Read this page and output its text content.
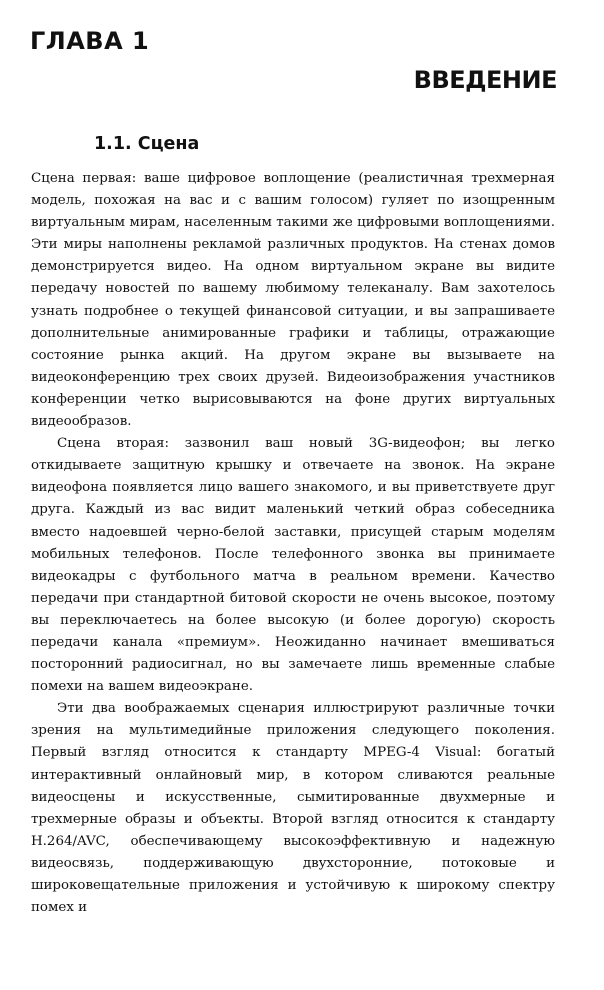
ГЛАВА 1
ВВЕДЕНИЕ
1.1. Сцена

Сцена первая: ваше цифровое воплощение (реалистичная трехмерная модель, похожая на вас и с вашим голосом) гуляет по изощренным виртуальным мирам, населенным такими же цифровыми воплощениями. Эти миры наполнены рекламой различных продуктов. На стенах домов демонстрируется видео. На одном виртуальном экране вы видите передачу новостей по вашему любимому телеканалу. Вам захотелось узнать подробнее о текущей финансовой ситуации, и вы запрашиваете дополнительные анимированные графики и таблицы, отражающие состояние рынка акций. На другом экране вы вызываете на видеоконференцию трех своих друзей. Видеоизображения участников конференции четко вырисовываются на фоне других виртуальных видеообразов.

Сцена вторая: зазвонил ваш новый 3G-видеофон; вы легко откидываете защитную крышку и отвечаете на звонок. На экране видеофона появляется лицо вашего знакомого, и вы приветствуете друг друга. Каждый из вас видит маленький четкий образ собеседника вместо надоевшей черно-белой заставки, присущей старым моделям мобильных телефонов. После телефонного звонка вы принимаете видеокадры с футбольного матча в реальном времени. Качество передачи при стандартной битовой скорости не очень высокое, поэтому вы переключаетесь на более высокую (и более дорогую) скорость передачи канала «премиум». Неожиданно начинает вмешиваться посторонний радиосигнал, но вы замечаете лишь временные слабые помехи на вашем видеоэкране.

Эти два воображаемых сценария иллюстрируют различные точки зрения на мультимедийные приложения следующего поколения. Первый взгляд относится к стандарту MPEG-4 Visual: богатый интерактивный онлайновый мир, в котором сливаются реальные видеосцены и искусственные, сымитированные двухмерные и трехмерные образы и объекты. Второй взгляд относится к стандарту H.264/AVC, обеспечивающему высокоэффективную и надежную видеосвязь, поддерживающую двухсторонние, потоковые и широковещательные приложения и устойчивую к широкому спектру помех и
